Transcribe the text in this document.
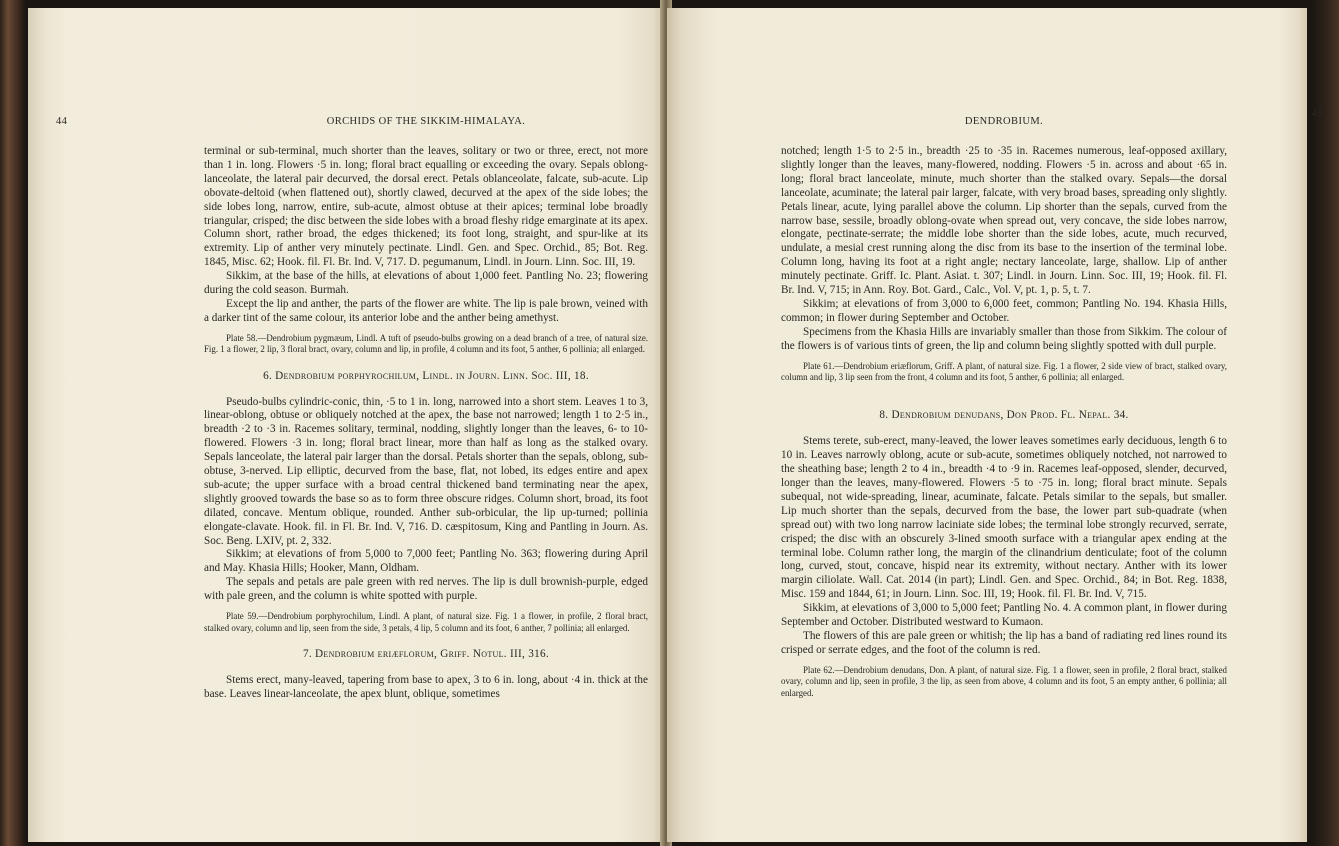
44	ORCHIDS OF THE SIKKIM-HIMALAYA.

terminal or sub-terminal, much shorter than the leaves, solitary or two or three, erect, not more than 1 in. long. Flowers ·5 in. long; floral bract equalling or exceeding the ovary. Sepals oblong-lanceolate, the lateral pair decurved, the dorsal erect. Petals oblanceolate, falcate, sub-acute. Lip obovate-deltoid (when flattened out), shortly clawed, decurved at the apex of the side lobes; the side lobes long, narrow, entire, sub-acute, almost obtuse at their apices; terminal lobe broadly triangular, crisped; the disc between the side lobes with a broad fleshy ridge emarginate at its apex. Column short, rather broad, the edges thickened; its foot long, straight, and spur-like at its extremity. Lip of anther very minutely pectinate. Lindl. Gen. and Spec. Orchid., 85; Bot. Reg. 1845, Misc. 62; Hook. fil. Fl. Br. Ind. V, 717. D. pegumanum, Lindl. in Journ. Linn. Soc. III, 19.

Sikkim, at the base of the hills, at elevations of about 1,000 feet. Pantling No. 23; flowering during the cold season. Burmah.

Except the lip and anther, the parts of the flower are white. The lip is pale brown, veined with a darker tint of the same colour, its anterior lobe and the anther being amethyst.

Plate 58.—Dendrobium pygmæum, Lindl. A tuft of pseudo-bulbs growing on a dead branch of a tree, of natural size. Fig. 1 a flower, 2 lip, 3 floral bract, ovary, column and lip, in profile, 4 column and its foot, 5 anther, 6 pollinia; all enlarged.

6. Dendrobium porphyrochilum, Lindl. in Journ. Linn. Soc. III, 18.

Pseudo-bulbs cylindric-conic, thin, ·5 to 1 in. long, narrowed into a short stem. Leaves 1 to 3, linear-oblong, obtuse or obliquely notched at the apex, the base not narrowed; length 1 to 2·5 in., breadth ·2 to ·3 in. Racemes solitary, terminal, nodding, slightly longer than the leaves, 6- to 10-flowered. Flowers ·3 in. long; floral bract linear, more than half as long as the stalked ovary. Sepals lanceolate, the lateral pair larger than the dorsal. Petals shorter than the sepals, oblong, sub-obtuse, 3-nerved. Lip elliptic, decurved from the base, flat, not lobed, its edges entire and apex sub-acute; the upper surface with a broad central thickened band terminating near the apex, slightly grooved towards the base so as to form three obscure ridges. Column short, broad, its foot dilated, concave. Mentum oblique, rounded. Anther sub-orbicular, the lip up-turned; pollinia elongate-clavate. Hook. fil. in Fl. Br. Ind. V, 716. D. cæspitosum, King and Pantling in Journ. As. Soc. Beng. LXIV, pt. 2, 332.

Sikkim; at elevations of from 5,000 to 7,000 feet; Pantling No. 363; flowering during April and May. Khasia Hills; Hooker, Mann, Oldham.

The sepals and petals are pale green with red nerves. The lip is dull brownish-purple, edged with pale green, and the column is white spotted with purple.

Plate 59.—Dendrobium porphyrochilum, Lindl. A plant, of natural size. Fig. 1 a flower, in profile, 2 floral bract, stalked ovary, column and lip, seen from the side, 3 petals, 4 lip, 5 column and its foot, 6 anther, 7 pollinia; all enlarged.

7. Dendrobium eriæflorum, Griff. Notul. III, 316.

Stems erect, many-leaved, tapering from base to apex, 3 to 6 in. long, about ·4 in. thick at the base. Leaves linear-lanceolate, the apex blunt, oblique, sometimes

DENDROBIUM.
45

notched; length 1·5 to 2·5 in., breadth ·25 to ·35 in. Racemes numerous, leaf-opposed axillary, slightly longer than the leaves, many-flowered, nodding. Flowers ·5 in. across and about ·65 in. long; floral bract lanceolate, minute, much shorter than the stalked ovary. Sepals—the dorsal lanceolate, acuminate; the lateral pair larger, falcate, with very broad bases, spreading only slightly. Petals linear, acute, lying parallel above the column. Lip shorter than the sepals, curved from the narrow base, sessile, broadly oblong-ovate when spread out, very concave, the side lobes narrow, elongate, pectinate-serrate; the middle lobe shorter than the side lobes, acute, much recurved, undulate, a mesial crest running along the disc from its base to the insertion of the terminal lobe. Column long, having its foot at a right angle; nectary lanceolate, large, shallow. Lip of anther minutely pectinate. Griff. Ic. Plant. Asiat. t. 307; Lindl. in Journ. Linn. Soc. III, 19; Hook. fil. Fl. Br. Ind. V, 715; in Ann. Roy. Bot. Gard., Calc., Vol. V, pt. 1, p. 5, t. 7.

Sikkim; at elevations of from 3,000 to 6,000 feet, common; Pantling No. 194. Khasia Hills, common; in flower during September and October.

Specimens from the Khasia Hills are invariably smaller than those from Sikkim. The colour of the flowers is of various tints of green, the lip and column being slightly spotted with dull purple.

Plate 61.—Dendrobium eriæflorum, Griff. A plant, of natural size. Fig. 1 a flower, 2 side view of bract, stalked ovary, column and lip, 3 lip seen from the front, 4 column and its foot, 5 anther, 6 pollinia; all enlarged.

8. Dendrobium denudans, Don Prod. Fl. Nepal. 34.

Stems terete, sub-erect, many-leaved, the lower leaves sometimes early deciduous, length 6 to 10 in. Leaves narrowly oblong, acute or sub-acute, sometimes obliquely notched, not narrowed to the sheathing base; length 2 to 4 in., breadth ·4 to ·9 in. Racemes leaf-opposed, slender, decurved, longer than the leaves, many-flowered. Flowers ·5 to ·75 in. long; floral bract minute. Sepals subequal, not wide-spreading, linear, acuminate, falcate. Petals similar to the sepals, but smaller. Lip much shorter than the sepals, decurved from the base, the lower part sub-quadrate (when spread out) with two long narrow laciniate side lobes; the terminal lobe strongly recurved, serrate, crisped; the disc with an obscurely 3-lined smooth surface with a triangular apex ending at the terminal lobe. Column rather long, the margin of the clinandrium denticulate; foot of the column long, curved, stout, concave, hispid near its extremity, without nectary. Anther with its lower margin ciliolate. Wall. Cat. 2014 (in part); Lindl. Gen. and Spec. Orchid., 84; in Bot. Reg. 1838, Misc. 159 and 1844, 61; in Journ. Linn. Soc. III, 19; Hook. fil. Fl. Br. Ind. V, 715.

Sikkim, at elevations of 3,000 to 5,000 feet; Pantling No. 4. A common plant, in flower during September and October. Distributed westward to Kumaon.

The flowers of this are pale green or whitish; the lip has a band of radiating red lines round its crisped or serrate edges, and the foot of the column is red.

Plate 62.—Dendrobium denudans, Don. A plant, of natural size. Fig. 1 a flower, seen in profile, 2 floral bract, stalked ovary, column and lip, seen in profile, 3 the lip, as seen from above, 4 column and its foot, 5 an empty anther, 6 pollinia; all enlarged.
